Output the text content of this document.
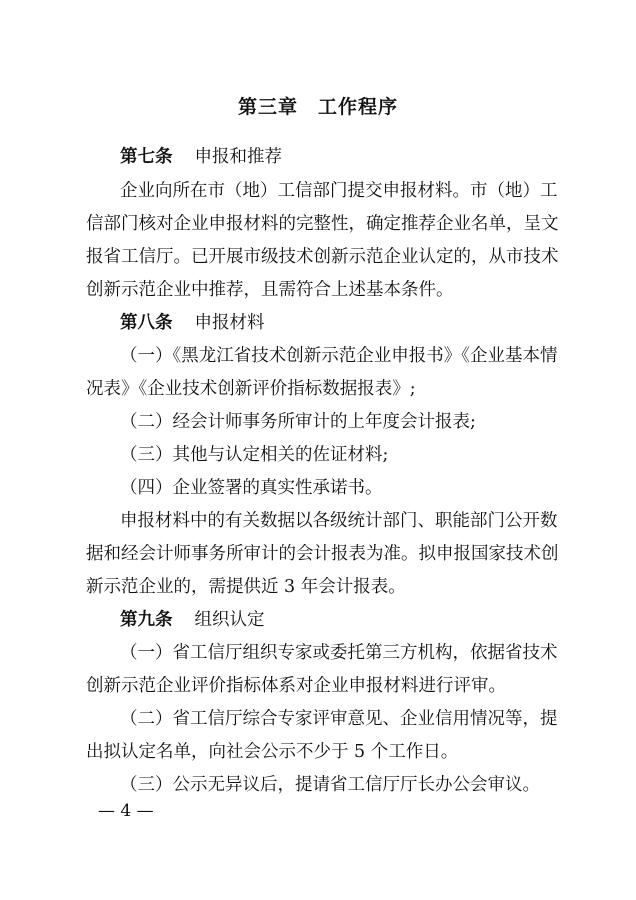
第三章　工作程序
第七条 申报和推荐
企业向所在市（地）工信部门提交申报材料。市（地）工
信部门核对企业申报材料的完整性，确定推荐企业名单，呈文
报省工信厅。已开展市级技术创新示范企业认定的，从市技术
创新示范企业中推荐，且需符合上述基本条件。
第八条 申报材料
（一）《黑龙江省技术创新示范企业申报书》《企业基本情
况表》《企业技术创新评价指标数据报表》;
（二）经会计师事务所审计的上年度会计报表;
（三）其他与认定相关的佐证材料;
（四）企业签署的真实性承诺书。
申报材料中的有关数据以各级统计部门、职能部门公开数
据和经会计师事务所审计的会计报表为准。拟申报国家技术创
新示范企业的，需提供近 3 年会计报表。
第九条 组织认定
（一）省工信厅组织专家或委托第三方机构，依据省技术
创新示范企业评价指标体系对企业申报材料进行评审。
（二）省工信厅综合专家评审意见、企业信用情况等，提
出拟认定名单，向社会公示不少于 5 个工作日。
（三）公示无异议后，提请省工信厅厅长办公会审议。
— 4 —
